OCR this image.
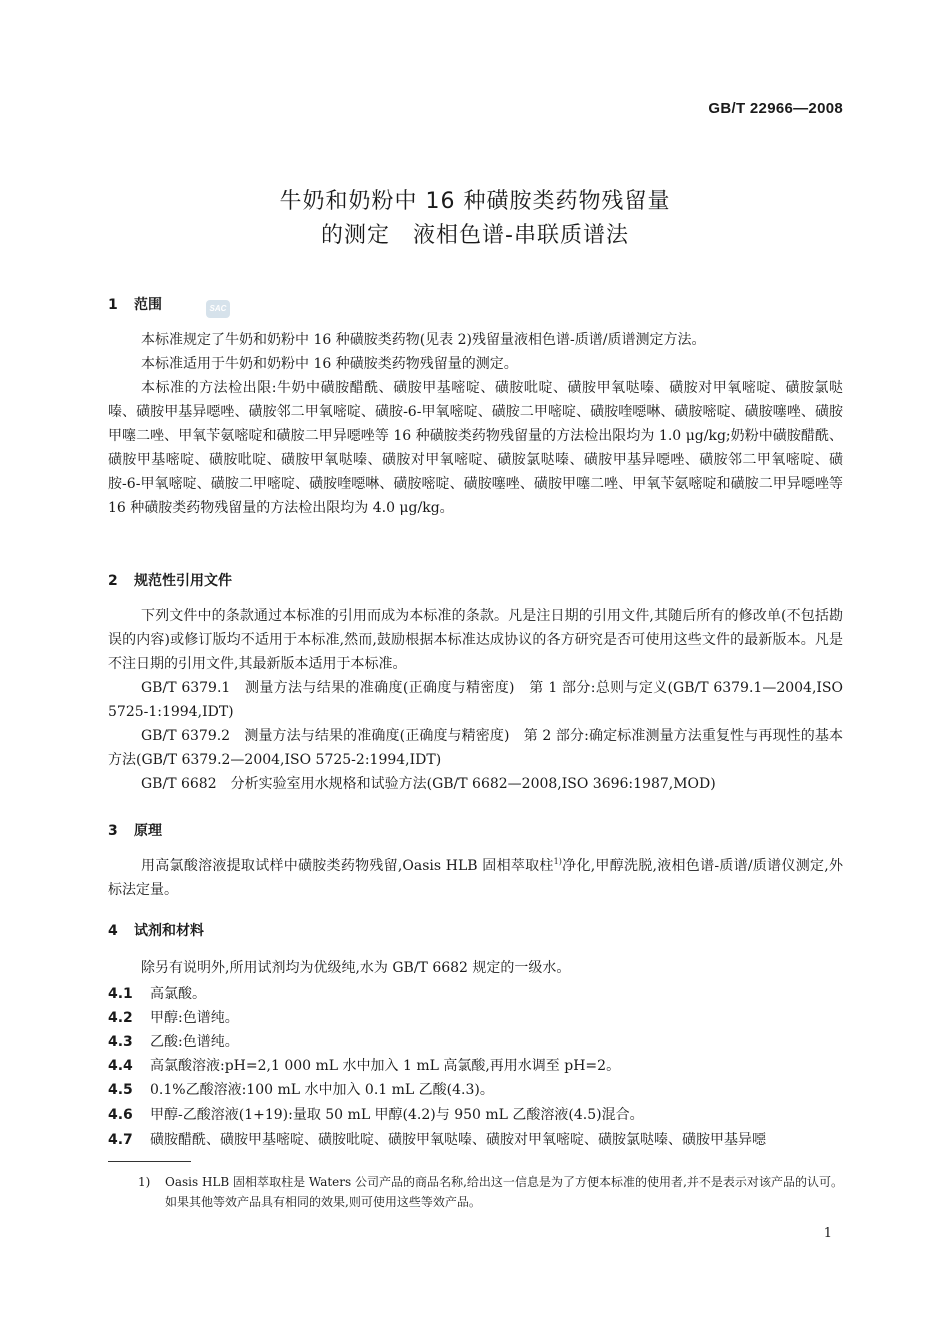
GB/T 22966—2008
牛奶和奶粉中 16 种磺胺类药物残留量
的测定　液相色谱-串联质谱法
SAC
1 范围

本标准规定了牛奶和奶粉中 16 种磺胺类药物(见表 2)残留量液相色谱-质谱/质谱测定方法。

本标准适用于牛奶和奶粉中 16 种磺胺类药物残留量的测定。

本标准的方法检出限:牛奶中磺胺醋酰、磺胺甲基嘧啶、磺胺吡啶、磺胺甲氧哒嗪、磺胺对甲氧嘧啶、磺胺氯哒嗪、磺胺甲基异噁唑、磺胺邻二甲氧嘧啶、磺胺-6-甲氧嘧啶、磺胺二甲嘧啶、磺胺喹噁啉、磺胺嘧啶、磺胺噻唑、磺胺甲噻二唑、甲氧苄氨嘧啶和磺胺二甲异噁唑等 16 种磺胺类药物残留量的方法检出限均为 1.0 μg/kg;奶粉中磺胺醋酰、磺胺甲基嘧啶、磺胺吡啶、磺胺甲氧哒嗪、磺胺对甲氧嘧啶、磺胺氯哒嗪、磺胺甲基异噁唑、磺胺邻二甲氧嘧啶、磺胺-6-甲氧嘧啶、磺胺二甲嘧啶、磺胺喹噁啉、磺胺嘧啶、磺胺噻唑、磺胺甲噻二唑、甲氧苄氨嘧啶和磺胺二甲异噁唑等 16 种磺胺类药物残留量的方法检出限均为 4.0 μg/kg。

2 规范性引用文件

下列文件中的条款通过本标准的引用而成为本标准的条款。凡是注日期的引用文件,其随后所有的修改单(不包括勘误的内容)或修订版均不适用于本标准,然而,鼓励根据本标准达成协议的各方研究是否可使用这些文件的最新版本。凡是不注日期的引用文件,其最新版本适用于本标准。

GB/T 6379.1　测量方法与结果的准确度(正确度与精密度)　第 1 部分:总则与定义(GB/T 6379.1—2004,ISO 5725-1:1994,IDT)

GB/T 6379.2　测量方法与结果的准确度(正确度与精密度)　第 2 部分:确定标准测量方法重复性与再现性的基本方法(GB/T 6379.2—2004,ISO 5725-2:1994,IDT)

GB/T 6682　分析实验室用水规格和试验方法(GB/T 6682—2008,ISO 3696:1987,MOD)

3 原理

用高氯酸溶液提取试样中磺胺类药物残留,Oasis HLB 固相萃取柱$^{1)}$净化,甲醇洗脱,液相色谱-质谱/质谱仪测定,外标法定量。

4 试剂和材料

除另有说明外,所用试剂均为优级纯,水为 GB/T 6682 规定的一级水。

4.1 高氯酸。
4.2 甲醇:色谱纯。
4.3 乙酸:色谱纯。
4.4 高氯酸溶液:pH=2,1 000 mL 水中加入 1 mL 高氯酸,再用水调至 pH=2。
4.5 0.1%乙酸溶液:100 mL 水中加入 0.1 mL 乙酸(4.3)。
4.6 甲醇-乙酸溶液(1+19):量取 50 mL 甲醇(4.2)与 950 mL 乙酸溶液(4.5)混合。
4.7 磺胺醋酰、磺胺甲基嘧啶、磺胺吡啶、磺胺甲氧哒嗪、磺胺对甲氧嘧啶、磺胺氯哒嗪、磺胺甲基异噁
1)	Oasis HLB 固相萃取柱是 Waters 公司产品的商品名称,给出这一信息是为了方便本标准的使用者,并不是表示对该产品的认可。如果其他等效产品具有相同的效果,则可使用这些等效产品。
1
